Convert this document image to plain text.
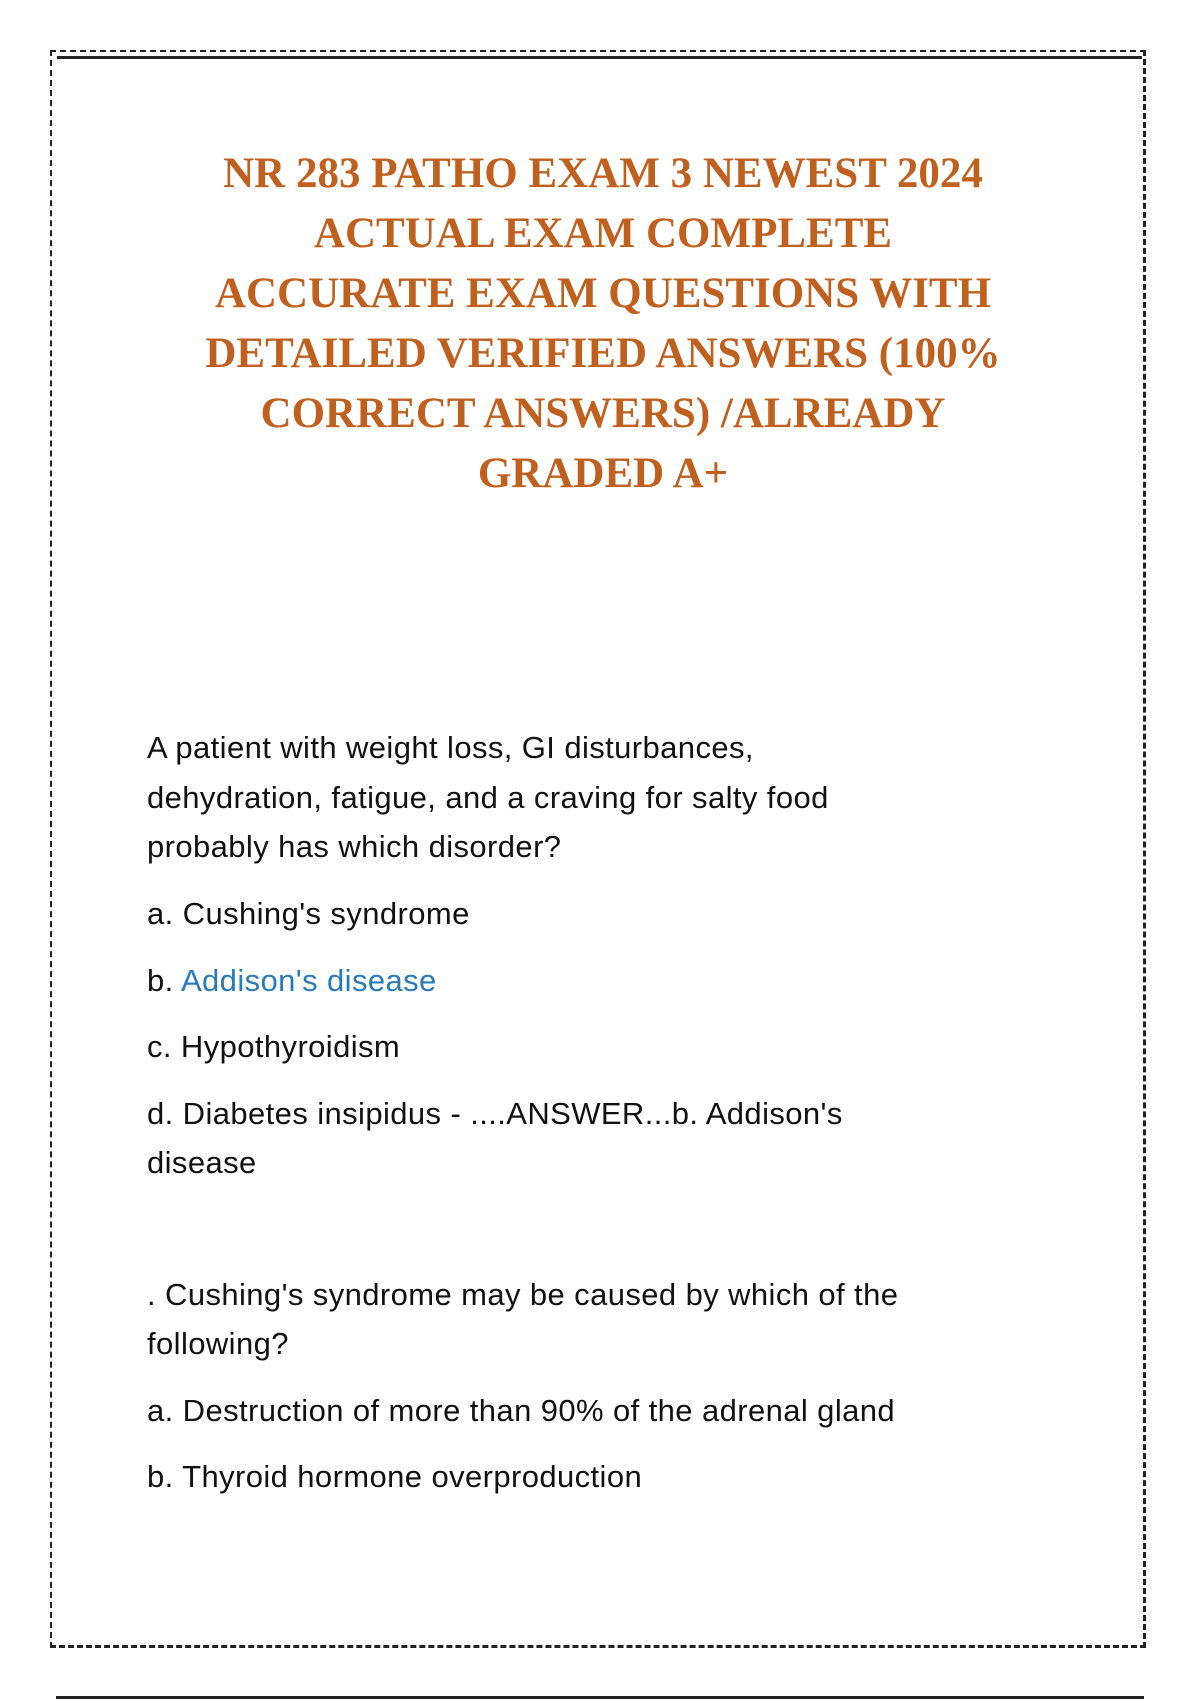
NR 283 PATHO EXAM 3 NEWEST 2024
ACTUAL EXAM COMPLETE
ACCURATE EXAM QUESTIONS WITH
DETAILED VERIFIED ANSWERS (100%
CORRECT ANSWERS) /ALREADY
GRADED A+
A patient with weight loss, GI disturbances,
dehydration, fatigue, and a craving for salty food
probably has which disorder?
a. Cushing's syndrome
b. Addison's disease
c. Hypothyroidism
d. Diabetes insipidus - ....ANSWER...b. Addison's
disease
. Cushing's syndrome may be caused by which of the
following?
a. Destruction of more than 90% of the adrenal gland
b. Thyroid hormone overproduction
